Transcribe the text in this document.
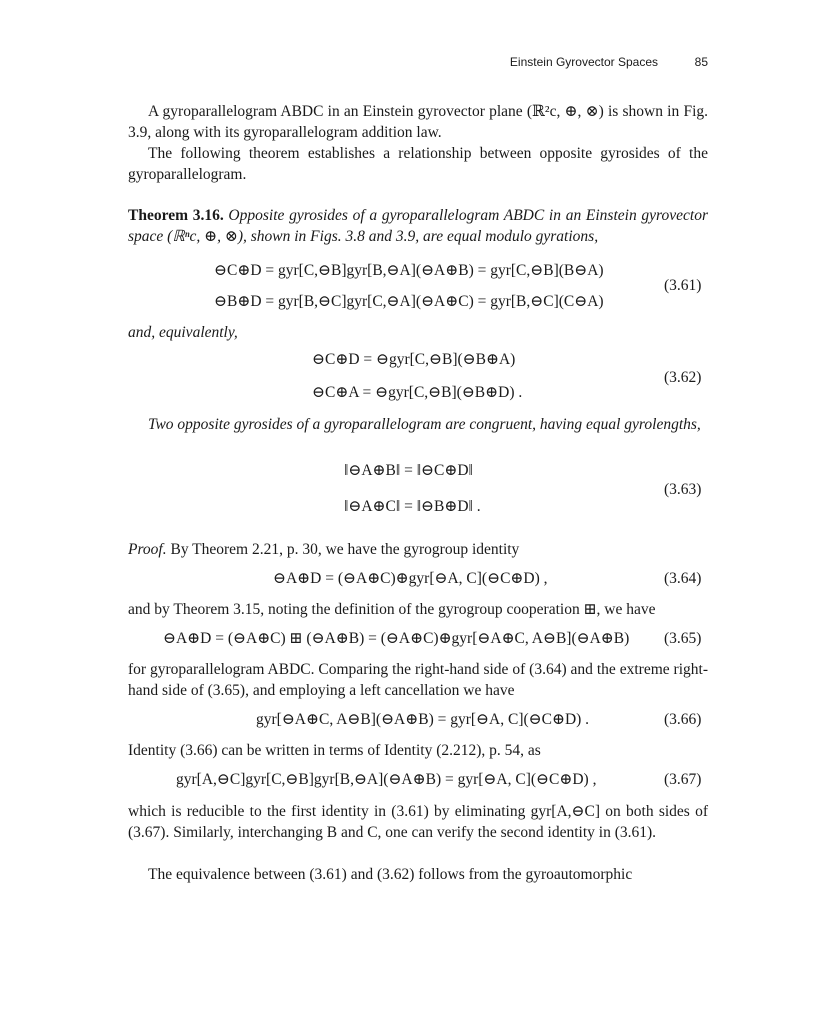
Einstein Gyrovector Spaces	85

A gyroparallelogram ABDC in an Einstein gyrovector plane (ℝ²c, ⊕, ⊗) is shown in Fig. 3.9, along with its gyroparallelogram addition law.

The following theorem establishes a relationship between opposite gyrosides of the gyroparallelogram.

Theorem 3.16. Opposite gyrosides of a gyroparallelogram ABDC in an Einstein gyrovector space (ℝⁿc, ⊕, ⊗), shown in Figs. 3.8 and 3.9, are equal modulo gyrations,

⊖C⊕D = gyr[C,⊖B]gyr[B,⊖A](⊖A⊕B) = gyr[C,⊖B](B⊖A)
⊖B⊕D = gyr[B,⊖C]gyr[C,⊖A](⊖A⊕C) = gyr[B,⊖C](C⊖A)
(3.61)

and, equivalently,

⊖C⊕D = ⊖gyr[C,⊖B](⊖B⊕A)
⊖C⊕A = ⊖gyr[C,⊖B](⊖B⊕D) .
(3.62)

Two opposite gyrosides of a gyroparallelogram are congruent, having equal gyrolengths,

‖⊖A⊕B‖ = ‖⊖C⊕D‖
‖⊖A⊕C‖ = ‖⊖B⊕D‖ .
(3.63)

Proof. By Theorem 2.21, p. 30, we have the gyrogroup identity

⊖A⊕D = (⊖A⊕C)⊕gyr[⊖A, C](⊖C⊕D) ,	(3.64)

and by Theorem 3.15, noting the definition of the gyrogroup cooperation ⊞, we have

⊖A⊕D = (⊖A⊕C) ⊞ (⊖A⊕B) = (⊖A⊕C)⊕gyr[⊖A⊕C, A⊖B](⊖A⊕B) (3.65)

for gyroparallelogram ABDC. Comparing the right-hand side of (3.64) and the extreme right-hand side of (3.65), and employing a left cancellation we have

gyr[⊖A⊕C, A⊖B](⊖A⊕B) = gyr[⊖A, C](⊖C⊕D) .	(3.66)

Identity (3.66) can be written in terms of Identity (2.212), p. 54, as

gyr[A,⊖C]gyr[C,⊖B]gyr[B,⊖A](⊖A⊕B) = gyr[⊖A, C](⊖C⊕D) ,	(3.67)

which is reducible to the first identity in (3.61) by eliminating gyr[A,⊖C] on both sides of (3.67). Similarly, interchanging B and C, one can verify the second identity in (3.61).

The equivalence between (3.61) and (3.62) follows from the gyroautomorphic
